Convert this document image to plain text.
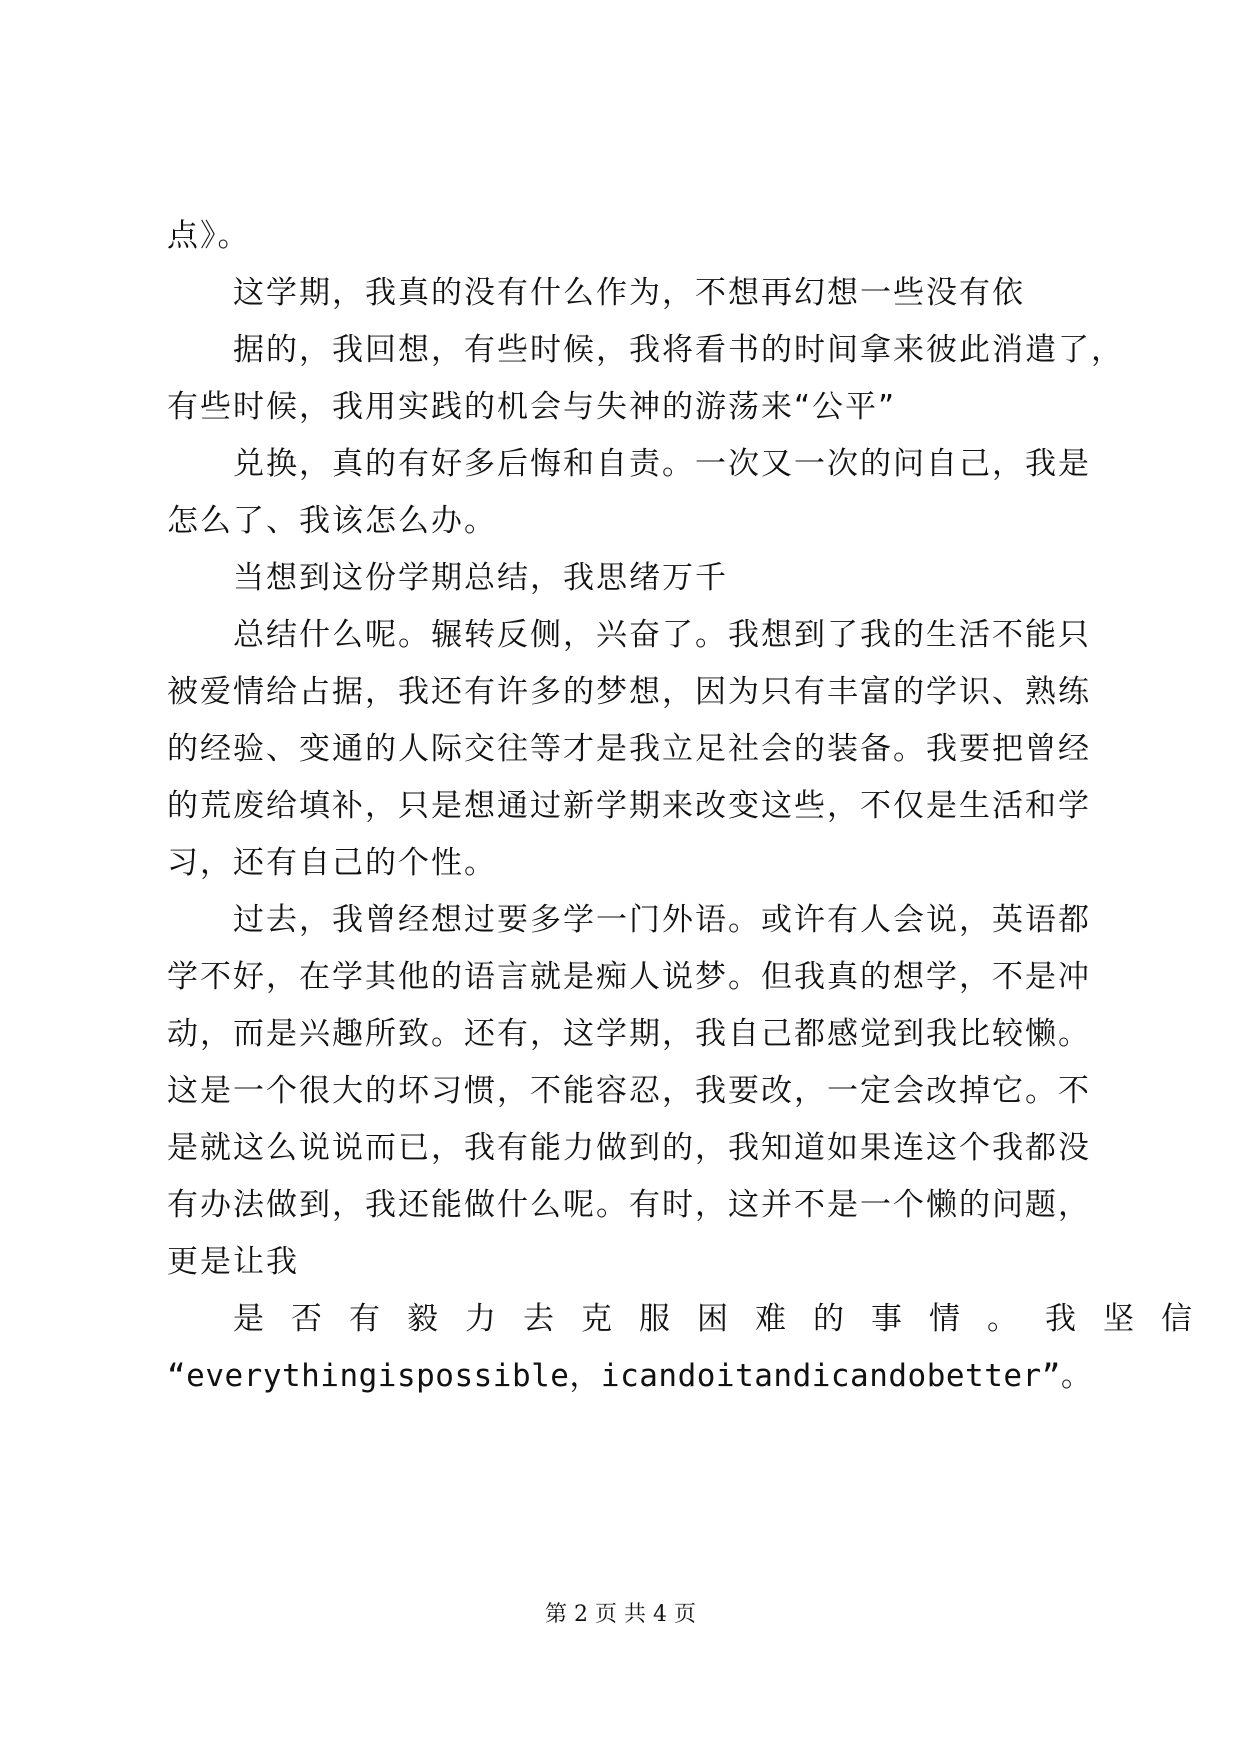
点》。
这学期，我真的没有什么作为，不想再幻想一些没有依
据的，我回想，有些时候，我将看书的时间拿来彼此消遣了，
有些时候，我用实践的机会与失神的游荡来“公平”
兑换，真的有好多后悔和自责。一次又一次的问自己，我是
怎么了、我该怎么办。
当想到这份学期总结，我思绪万千
总结什么呢。辗转反侧，兴奋了。我想到了我的生活不能只
被爱情给占据，我还有许多的梦想，因为只有丰富的学识、熟练
的经验、变通的人际交往等才是我立足社会的装备。我要把曾经
的荒废给填补，只是想通过新学期来改变这些，不仅是生活和学
习，还有自己的个性。
过去，我曾经想过要多学一门外语。或许有人会说，英语都
学不好，在学其他的语言就是痴人说梦。但我真的想学，不是冲
动，而是兴趣所致。还有，这学期，我自己都感觉到我比较懒。
这是一个很大的坏习惯，不能容忍，我要改，一定会改掉它。不
是就这么说说而已，我有能力做到的，我知道如果连这个我都没
有办法做到，我还能做什么呢。有时，这并不是一个懒的问题，
更是让我
是否有毅力去克服困难的事情。我坚信
“everythingispossible，icandoitandicandobetter”。
第 2 页 共 4 页
